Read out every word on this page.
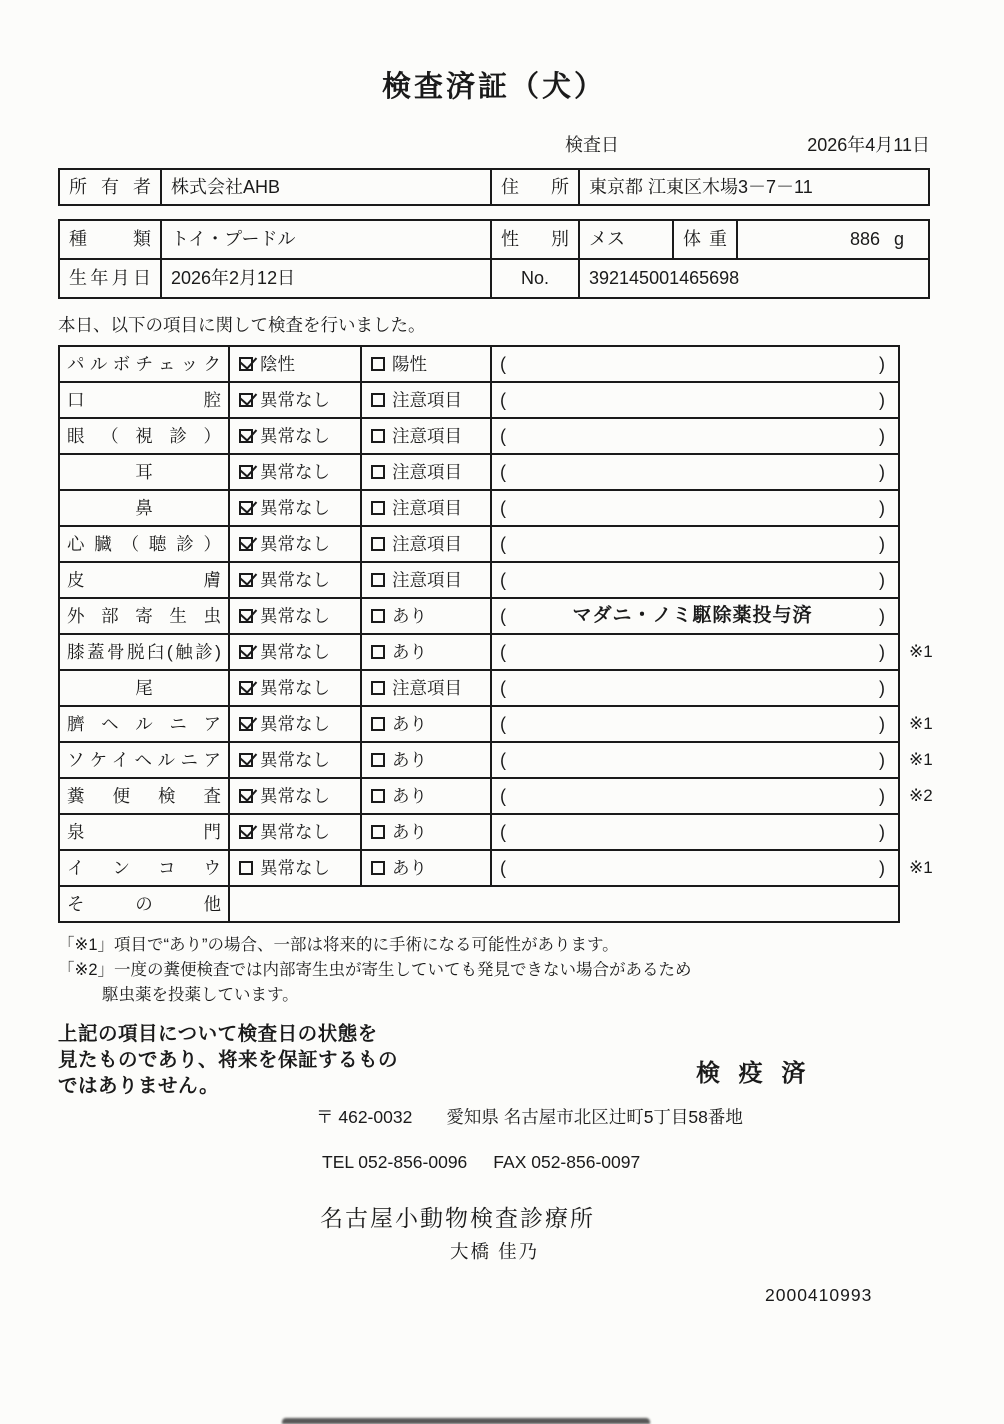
検査済証（犬）
検査日	2026年4月11日
所有者	株式会社AHB	住所	東京都 江東区木場3－7－11
種類	トイ・プードル	性別	メス	体重	886 g
生年月日	2026年2月12日	No.	392145001465698

本日、以下の項目に関して検査を行いました。

パルボチェック	陰性	陽性	(	)
口腔	異常なし	注意項目	(	)
眼（視診）	異常なし	注意項目	(	)
耳	異常なし	注意項目	(	)
鼻	異常なし	注意項目	(	)
心臓（聴診）	異常なし	注意項目	(	)
皮膚	異常なし	注意項目	(	)
外部寄生虫	異常なし	あり	(	マダニ・ノミ駆除薬投与済	)
膝蓋骨脱臼(触診)	異常なし	あり	(	)	※1
尾	異常なし	注意項目	(	)
臍ヘルニア	異常なし	あり	(	)	※1
ソケイヘルニア	異常なし	あり	(	)	※1
糞便検査	異常なし	あり	(	)	※2
泉門	異常なし	あり	(	)
インコウ	異常なし	あり	(	)	※1
その他
「※1」項目で“あり”の場合、一部は将来的に手術になる可能性があります。
「※2」一度の糞便検査では内部寄生虫が寄生していても発見できない場合があるため
駆虫薬を投薬しています。
上記の項目について検査日の状態を
見たものであり、将来を保証するもの
ではありません。	検 疫 済
〒 462-0032 愛知県 名古屋市北区辻町5丁目58番地
TEL 052-856-0096 FAX 052-856-0097
名古屋小動物検査診療所
大橋 佳乃
2000410993
